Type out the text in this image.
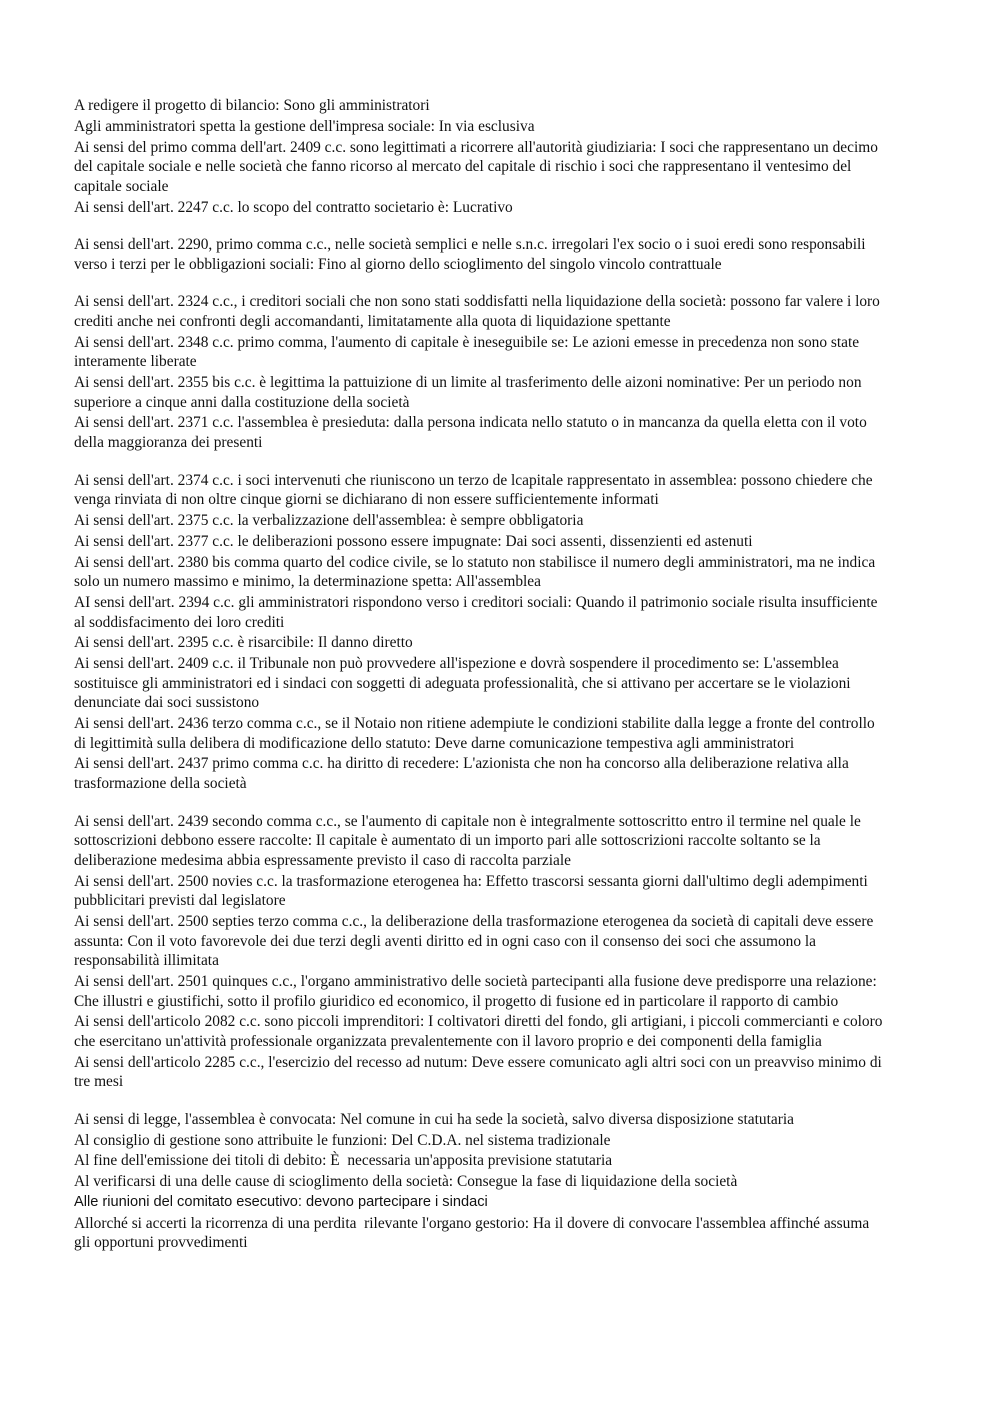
A redigere il progetto di bilancio: Sono gli amministratori

Agli amministratori spetta la gestione dell'impresa sociale: In via esclusiva

Ai sensi del primo comma dell'art. 2409 c.c. sono legittimati a ricorrere all'autorità giudiziaria: I soci che rappresentano un decimo del capitale sociale e nelle società che fanno ricorso al mercato del capitale di rischio i soci che rappresentano il ventesimo del capitale sociale

Ai sensi dell'art. 2247 c.c. lo scopo del contratto societario è: Lucrativo

Ai sensi dell'art. 2290, primo comma c.c., nelle società semplici e nelle s.n.c. irregolari l'ex socio o i suoi eredi sono responsabili verso i terzi per le obbligazioni sociali: Fino al giorno dello scioglimento del singolo vincolo contrattuale

Ai sensi dell'art. 2324 c.c., i creditori sociali che non sono stati soddisfatti nella liquidazione della società: possono far valere i loro crediti anche nei confronti degli accomandanti, limitatamente alla quota di liquidazione spettante

Ai sensi dell'art. 2348 c.c. primo comma, l'aumento di capitale è ineseguibile se: Le azioni emesse in precedenza non sono state interamente liberate

Ai sensi dell'art. 2355 bis c.c. è legittima la pattuizione di un limite al trasferimento delle aizoni nominative: Per un periodo non superiore a cinque anni dalla costituzione della società

Ai sensi dell'art. 2371 c.c. l'assemblea è presieduta: dalla persona indicata nello statuto o in mancanza da quella eletta con il voto della maggioranza dei presenti

Ai sensi dell'art. 2374 c.c. i soci intervenuti che riuniscono un terzo de lcapitale rappresentato in assemblea: possono chiedere che venga rinviata di non oltre cinque giorni se dichiarano di non essere sufficientemente informati

Ai sensi dell'art. 2375 c.c. la verbalizzazione dell'assemblea: è sempre obbligatoria

Ai sensi dell'art. 2377 c.c. le deliberazioni possono essere impugnate: Dai soci assenti, dissenzienti ed astenuti

Ai sensi dell'art. 2380 bis comma quarto del codice civile, se lo statuto non stabilisce il numero degli amministratori, ma ne indica solo un numero massimo e minimo, la determinazione spetta: All'assemblea

AI sensi dell'art. 2394 c.c. gli amministratori rispondono verso i creditori sociali: Quando il patrimonio sociale risulta insufficiente al soddisfacimento dei loro crediti

Ai sensi dell'art. 2395 c.c. è risarcibile: Il danno diretto

Ai sensi dell'art. 2409 c.c. il Tribunale non può provvedere all'ispezione e dovrà sospendere il procedimento se: L'assemblea sostituisce gli amministratori ed i sindaci con soggetti di adeguata professionalità, che si attivano per accertare se le violazioni denunciate dai soci sussistono

Ai sensi dell'art. 2436 terzo comma c.c., se il Notaio non ritiene adempiute le condizioni stabilite dalla legge a fronte del controllo di legittimità sulla delibera di modificazione dello statuto: Deve darne comunicazione tempestiva agli amministratori

Ai sensi dell'art. 2437 primo comma c.c. ha diritto di recedere: L'azionista che non ha concorso alla deliberazione relativa alla trasformazione della società

Ai sensi dell'art. 2439 secondo comma c.c., se l'aumento di capitale non è integralmente sottoscritto entro il termine nel quale le sottoscrizioni debbono essere raccolte: Il capitale è aumentato di un importo pari alle sottoscrizioni raccolte soltanto se la deliberazione medesima abbia espressamente previsto il caso di raccolta parziale

Ai sensi dell'art. 2500 novies c.c. la trasformazione eterogenea ha: Effetto trascorsi sessanta giorni dall'ultimo degli adempimenti pubblicitari previsti dal legislatore

Ai sensi dell'art. 2500 septies terzo comma c.c., la deliberazione della trasformazione eterogenea da società di capitali deve essere assunta: Con il voto favorevole dei due terzi degli aventi diritto ed in ogni caso con il consenso dei soci che assumono la responsabilità illimitata

Ai sensi dell'art. 2501 quinques c.c., l'organo amministrativo delle società partecipanti alla fusione deve predisporre una relazione: Che illustri e giustifichi, sotto il profilo giuridico ed economico, il progetto di fusione ed in particolare il rapporto di cambio

Ai sensi dell'articolo 2082 c.c. sono piccoli imprenditori: I coltivatori diretti del fondo, gli artigiani, i piccoli commercianti e coloro che esercitano un'attività professionale organizzata prevalentemente con il lavoro proprio e dei componenti della famiglia

Ai sensi dell'articolo 2285 c.c., l'esercizio del recesso ad nutum: Deve essere comunicato agli altri soci con un preavviso minimo di tre mesi

Ai sensi di legge, l'assemblea è convocata: Nel comune in cui ha sede la società, salvo diversa disposizione statutaria

Al consiglio di gestione sono attribuite le funzioni: Del C.D.A. nel sistema tradizionale

Al fine dell'emissione dei titoli di debito: È  necessaria un'apposita previsione statutaria

Al verificarsi di una delle cause di scioglimento della società: Consegue la fase di liquidazione della società

Alle riunioni del comitato esecutivo: devono partecipare i sindaci

Allorché si accerti la ricorrenza di una perdita  rilevante l'organo gestorio: Ha il dovere di convocare l'assemblea affinché assuma gli opportuni provvedimenti
